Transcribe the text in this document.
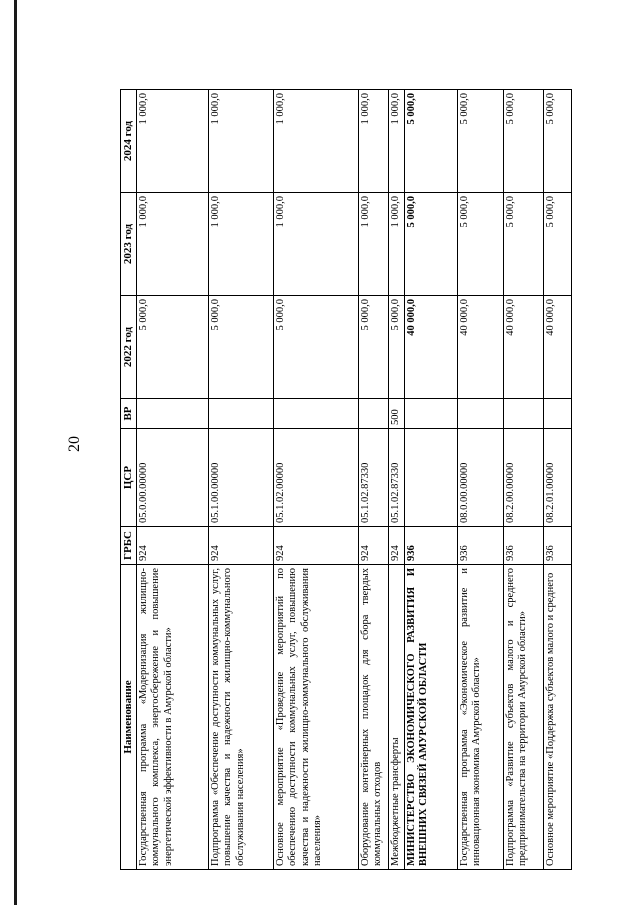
20
Наименование	ГРБС	ЦСР	ВР	2022 год	2023 год	2024 год
Государственная программа «Модернизация жилищно-коммунального комплекса, энергосбережение и повышение энергетической эффективности в Амурской области»	924	05.0.00.00000		5 000,0	1 000,0	1 000,0
Подпрограмма «Обеспечение доступности коммунальных услуг, повышение качества и надежности жилищно-коммунального обслуживания населения»	924	05.1.00.00000		5 000,0	1 000,0	1 000,0
Основное мероприятие «Проведение мероприятий по обеспечению доступности коммунальных услуг, повышению качества и надежности жилищно-коммунального обслуживания населения»	924	05.1.02.00000		5 000,0	1 000,0	1 000,0
Оборудование контейнерных площадок для сбора твердых коммунальных отходов	924	05.1.02.87330		5 000,0	1 000,0	1 000,0
Межбюджетные трансферты	924	05.1.02.87330	500	5 000,0	1 000,0	1 000,0
МИНИСТЕРСТВО ЭКОНОМИЧЕСКОГО РАЗВИТИЯ И ВНЕШНИХ СВЯЗЕЙ АМУРСКОЙ ОБЛАСТИ	936			40 000,0	5 000,0	5 000,0
Государственная программа «Экономическое развитие и инновационная экономика Амурской области»	936	08.0.00.00000		40 000,0	5 000,0	5 000,0
Подпрограмма «Развитие субъектов малого и среднего предпринимательства на территории Амурской области»	936	08.2.00.00000		40 000,0	5 000,0	5 000,0
Основное мероприятие «Поддержка субъектов малого и среднего	936	08.2.01.00000		40 000,0	5 000,0	5 000,0
